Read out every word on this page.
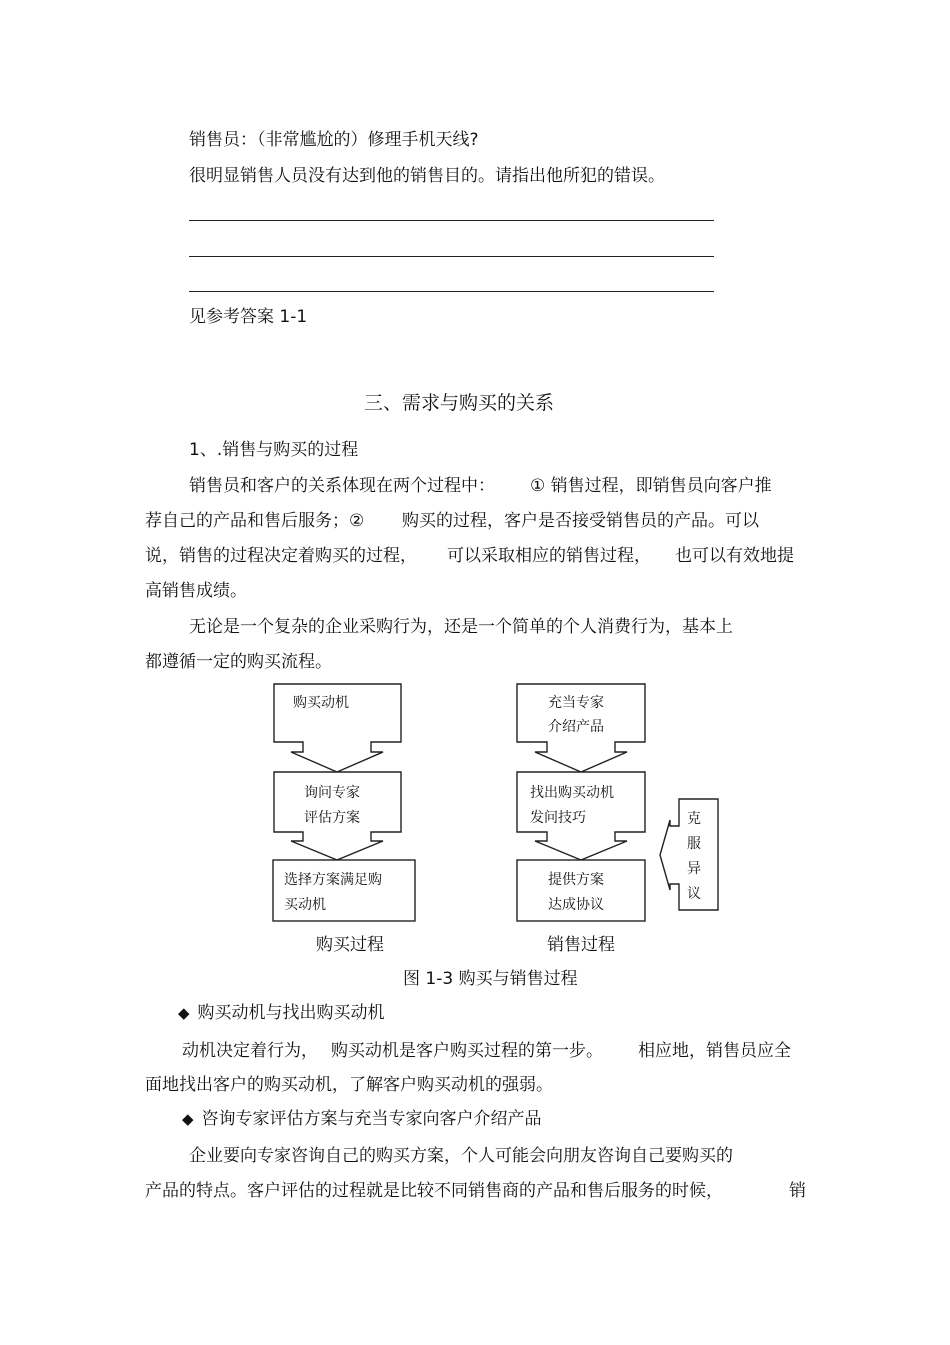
销售员：（非常尴尬的）修理手机天线?
很明显销售人员没有达到他的销售目的。请指出他所犯的错误。
见参考答案 1-1
三、需求与购买的关系
1、.销售与购买的过程
销售员和客户的关系体现在两个过程中： ① 销售过程，即销售员向客户推
荐自己的产品和售后服务；② 购买的过程，客户是否接受销售员的产品。可以
说，销售的过程决定着购买的过程， 可以采取相应的销售过程， 也可以有效地提
高销售成绩。
无论是一个复杂的企业采购行为，还是一个简单的个人消费行为，基本上
都遵循一定的购买流程。
购买动机
询问专家
评估方案
选择方案满足购
买动机
充当专家
介绍产品
找出购买动机
发问技巧
提供方案
达成协议
克
服
异
议
购买过程	销售过程
图 1-3 购买与销售过程
◆ 购买动机与找出购买动机
动机决定着行为， 购买动机是客户购买过程的第一步。 相应地，销售员应全
面地找出客户的购买动机，了解客户购买动机的强弱。
◆ 咨询专家评估方案与充当专家向客户介绍产品
企业要向专家咨询自己的购买方案，个人可能会向朋友咨询自己要购买的
产品的特点。客户评估的过程就是比较不同销售商的产品和售后服务的时候，	销
